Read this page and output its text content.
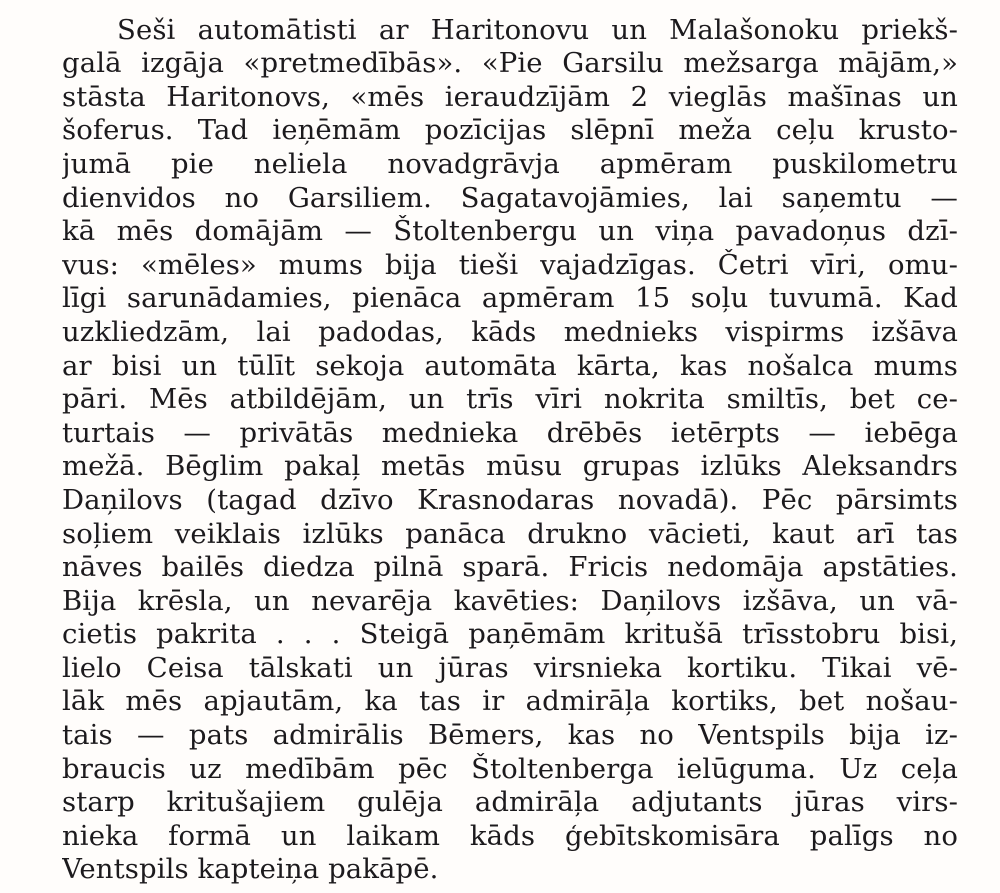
Seši automātisti ar Haritonovu un Malašonoku priekš-
galā izgāja «pretmedībās». «Pie Garsilu mežsarga mājām,»
stāsta Haritonovs, «mēs ieraudzījām 2 vieglās mašīnas un
šoferus. Tad ieņēmām pozīcijas slēpnī meža ceļu krusto-
jumā pie neliela novadgrāvja apmēram puskilometru
dienvidos no Garsiliem. Sagatavojāmies, lai saņemtu —
kā mēs domājām — Štoltenbergu un viņa pavadoņus dzī-
vus: «mēles» mums bija tieši vajadzīgas. Četri vīri, omu-
līgi sarunādamies, pienāca apmēram 15 soļu tuvumā. Kad
uzkliedzām, lai padodas, kāds mednieks vispirms izšāva
ar bisi un tūlīt sekoja automāta kārta, kas nošalca mums
pāri. Mēs atbildējām, un trīs vīri nokrita smiltīs, bet ce-
turtais — privātās mednieka drēbēs ietērpts — iebēga
mežā. Bēglim pakaļ metās mūsu grupas izlūks Aleksandrs
Daņilovs (tagad dzīvo Krasnodaras novadā). Pēc pārsimts
soļiem veiklais izlūks panāca drukno vācieti, kaut arī tas
nāves bailēs diedza pilnā sparā. Fricis nedomāja apstāties.
Bija krēsla, un nevarēja kavēties: Daņilovs izšāva, un vā-
cietis pakrita . . . Steigā paņēmām kritušā trīsstobru bisi,
lielo Ceisa tālskati un jūras virsnieka kortiku. Tikai vē-
lāk mēs apjautām, ka tas ir admirāļa kortiks, bet nošau-
tais — pats admirālis Bēmers, kas no Ventspils bija iz-
braucis uz medībām pēc Štoltenberga ielūguma. Uz ceļa
starp kritušajiem gulēja admirāļa adjutants jūras virs-
nieka formā un laikam kāds ģebītskomisāra palīgs no
Ventspils kapteiņa pakāpē.
